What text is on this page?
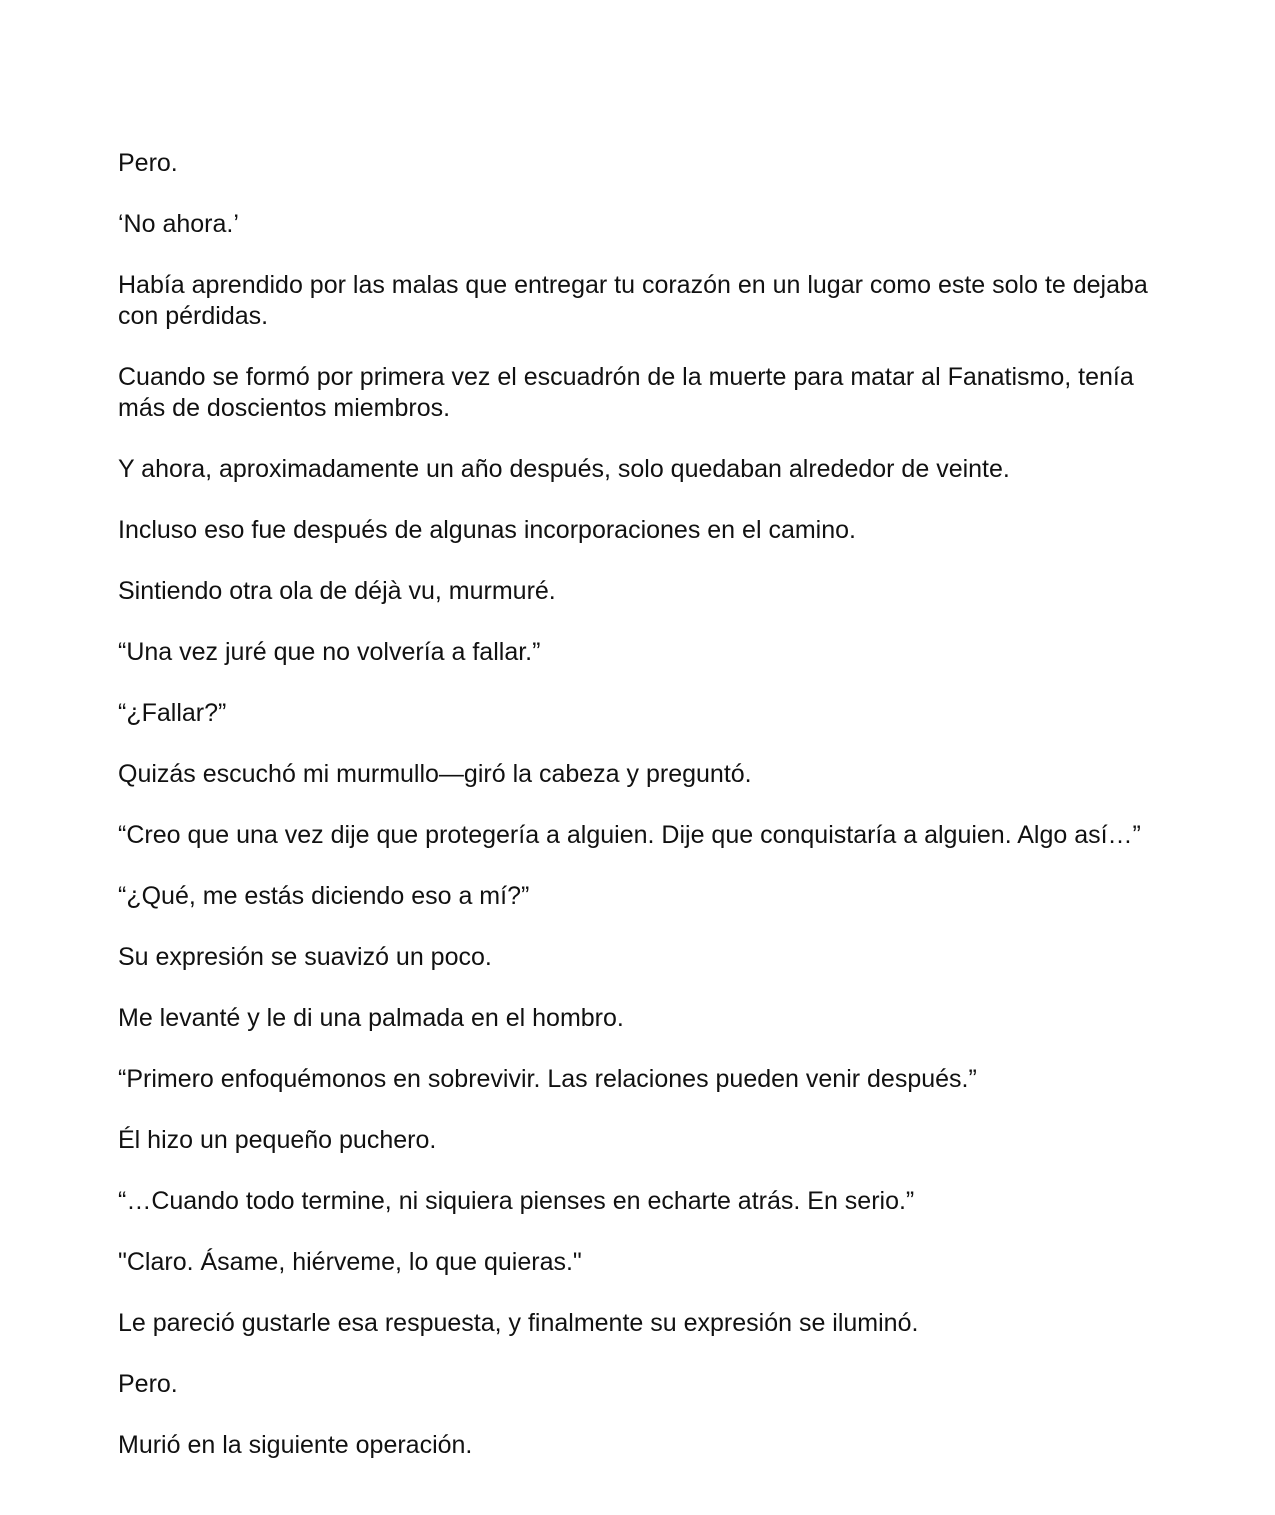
Pero.

‘No ahora.’

Había aprendido por las malas que entregar tu corazón en un lugar como este solo te dejaba con pérdidas.

Cuando se formó por primera vez el escuadrón de la muerte para matar al Fanatismo, tenía más de doscientos miembros.

Y ahora, aproximadamente un año después, solo quedaban alrededor de veinte.

Incluso eso fue después de algunas incorporaciones en el camino.

Sintiendo otra ola de déjà vu, murmuré.

“Una vez juré que no volvería a fallar.”

“¿Fallar?”

Quizás escuchó mi murmullo—giró la cabeza y preguntó.

“Creo que una vez dije que protegería a alguien. Dije que conquistaría a alguien. Algo así…”

“¿Qué, me estás diciendo eso a mí?”

Su expresión se suavizó un poco.

Me levanté y le di una palmada en el hombro.

“Primero enfoquémonos en sobrevivir. Las relaciones pueden venir después.”

Él hizo un pequeño puchero.

“…Cuando todo termine, ni siquiera pienses en echarte atrás. En serio.”

"Claro. Ásame, hiérveme, lo que quieras."

Le pareció gustarle esa respuesta, y finalmente su expresión se iluminó.

Pero.

Murió en la siguiente operación.
